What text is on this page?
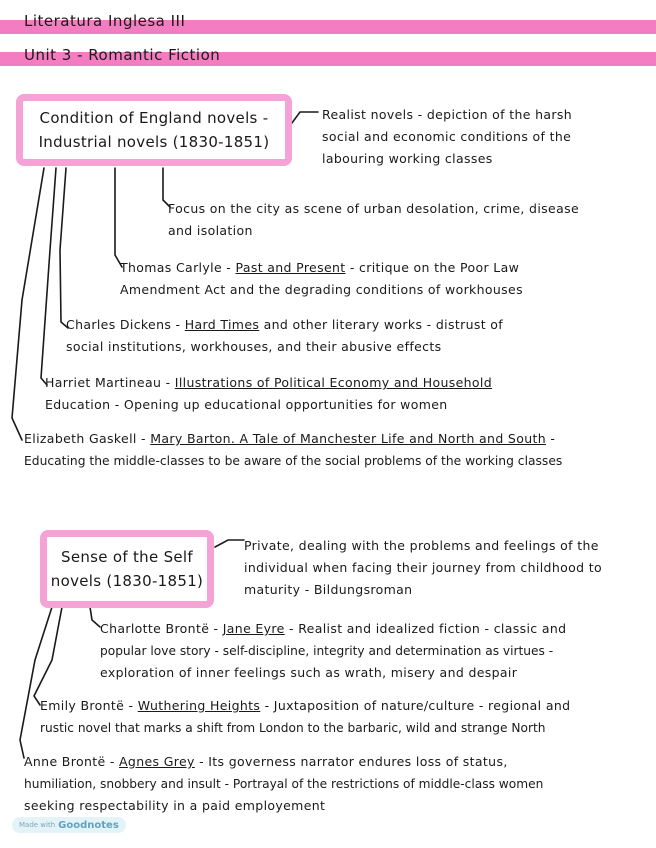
Literatura Inglesa III
Unit 3 - Romantic Fiction
Condition of England novels -
Industrial novels (1830-1851)
Realist novels - depiction of the harsh
social and economic conditions of the
labouring working classes
Focus on the city as scene of urban desolation, crime, disease
and isolation
Thomas Carlyle - Past and Present - critique on the Poor Law
Amendment Act and the degrading conditions of workhouses
Charles Dickens - Hard Times and other literary works - distrust of
social institutions, workhouses, and their abusive effects
Harriet Martineau - Illustrations of Political Economy and Household
Education - Opening up educational opportunities for women
Elizabeth Gaskell - Mary Barton. A Tale of Manchester Life and North and South -
Educating the middle-classes to be aware of the social problems of the working classes
Sense of the Self
novels (1830-1851)
Private, dealing with the problems and feelings of the
individual when facing their journey from childhood to
maturity - Bildungsroman
Charlotte Brontë - Jane Eyre - Realist and idealized fiction - classic and
popular love story - self-discipline, integrity and determination as virtues -
exploration of inner feelings such as wrath, misery and despair
Emily Brontë - Wuthering Heights - Juxtaposition of nature/culture - regional and
rustic novel that marks a shift from London to the barbaric, wild and strange North
Anne Brontë - Agnes Grey - Its governess narrator endures loss of status,
humiliation, snobbery and insult - Portrayal of the restrictions of middle-class women
seeking respectability in a paid employement
Made with Goodnotes
